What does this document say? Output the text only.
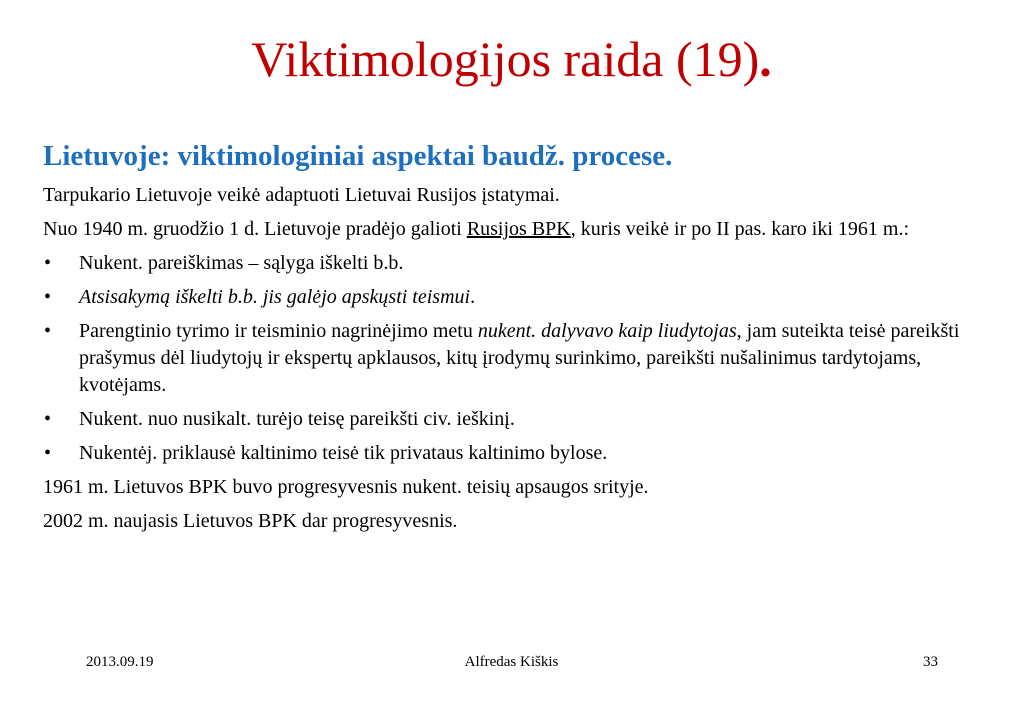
Viktimologijos raida (19).
Lietuvoje: viktimologiniai aspektai baudž. procese.

Tarpukario Lietuvoje veikė adaptuoti Lietuvai Rusijos įstatymai.

Nuo 1940 m. gruodžio 1 d. Lietuvoje pradėjo galioti Rusijos BPK, kuris veikė ir po II pas. karo iki 1961 m.:

• Nukent. pareiškimas – sąlyga iškelti b.b.
• Atsisakymą iškelti b.b. jis galėjo apskųsti teismui.
• Parengtinio tyrimo ir teisminio nagrinėjimo metu nukent. dalyvavo kaip liudytojas, jam suteikta teisė pareikšti prašymus dėl liudytojų ir ekspertų apklausos, kitų įrodymų surinkimo, pareikšti nušalinimus tardytojams, kvotėjams.
• Nukent. nuo nusikalt. turėjo teisę pareikšti civ. ieškinį.
• Nukentėj. priklausė kaltinimo teisė tik privataus kaltinimo bylose.

1961 m. Lietuvos BPK buvo progresyvesnis nukent. teisių apsaugos srityje.

2002 m. naujasis Lietuvos BPK dar progresyvesnis.

2013.09.19	Alfredas Kiškis	33
